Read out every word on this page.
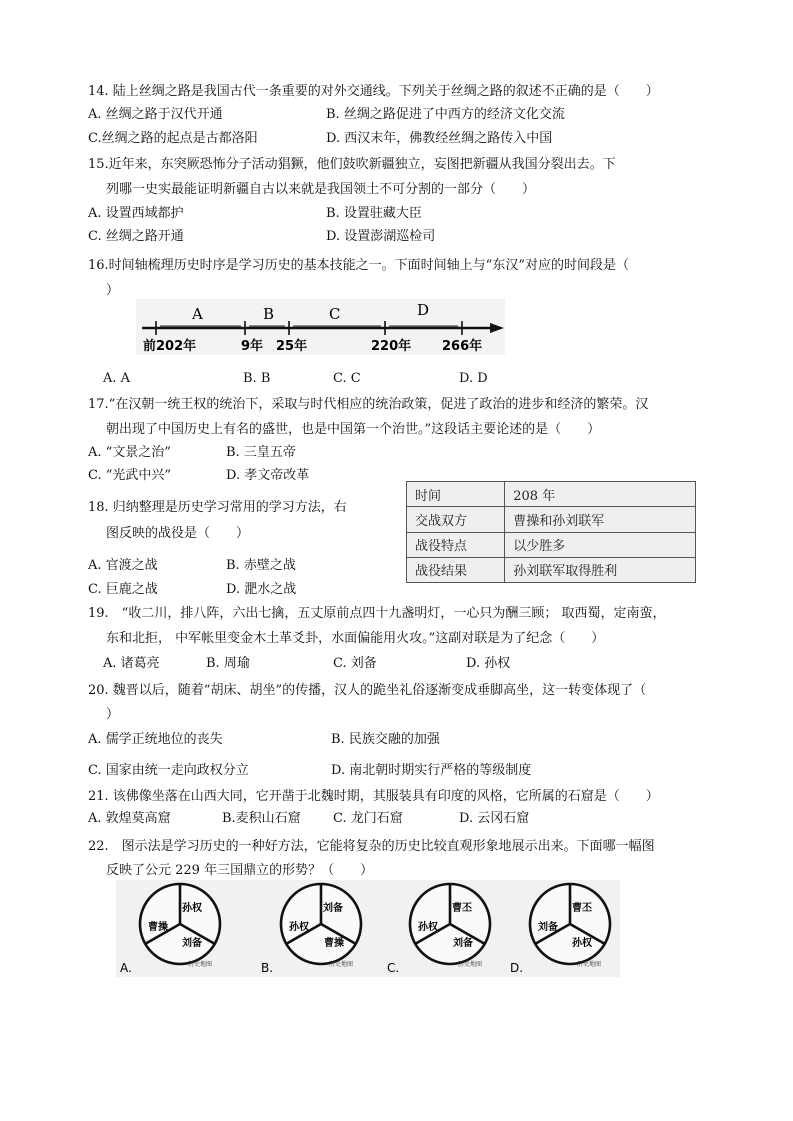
14. 陆上丝绸之路是我国古代一条重要的对外交通线。下列关于丝绸之路的叙述不正确的是（　　）
A. 丝绸之路于汉代开通	B. 丝绸之路促进了中西方的经济文化交流
C.丝绸之路的起点是古都洛阳	D. 西汉末年，佛教经丝绸之路传入中国
15.近年来，东突厥恐怖分子活动猖獗，他们鼓吹新疆独立，妄图把新疆从我国分裂出去。下
列哪一史实最能证明新疆自古以来就是我国领土不可分割的一部分（　　）
A. 设置西域都护	B. 设置驻藏大臣
C. 丝绸之路开通	D. 设置澎湖巡检司
16.时间轴梳理历史时序是学习历史的基本技能之一。下面时间轴上与“东汉”对应的时间段是（
）
A	B	C	D
前202年	9年 25年	220年 266年
A. A	B. B	C. C	D. D
17.“在汉朝一统王权的统治下，采取与时代相应的统治政策，促进了政治的进步和经济的繁荣。汉
朝出现了中国历史上有名的盛世，也是中国第一个治世。”这段话主要论述的是（　　）
A. “文景之治”	B. 三皇五帝
C. “光武中兴”	D. 孝文帝改革
18. 归纳整理是历史学习常用的学习方法，右
图反映的战役是（　　）
时间	208 年
交战双方	曹操和孙刘联军
战役特点	以少胜多
战役结果	孙刘联军取得胜利
A. 官渡之战	B. 赤壁之战
C. 巨鹿之战	D. 淝水之战
19.　“收二川，排八阵，六出七擒，五丈原前点四十九盏明灯，一心只为酬三顾； 取西蜀，定南蛮，
东和北拒， 中军帐里变金木土革爻卦，水面偏能用火攻。”这副对联是为了纪念（　　）
A. 诸葛亮	B. 周瑜	C. 刘备	D. 孙权
20. 魏晋以后，随着“胡床、胡坐”的传播，汉人的跪坐礼俗逐渐变成垂脚高坐，这一转变体现了（
）
A. 儒学正统地位的丧失	B. 民族交融的加强
C. 国家由统一走向政权分立	D. 南北朝时期实行严格的等级制度
21. 该佛像坐落在山西大同，它开凿于北魏时期，其服装具有印度的风格，它所属的石窟是（　　）
A. 敦煌莫高窟	B.麦积山石窟 C. 龙门石窟	D. 云冈石窟
22.　图示法是学习历史的一种好方法，它能将复杂的历史比较直观形象地展示出来。下面哪一幅图
反映了公元 229 年三国鼎立的形势？（　　）
孙权
曹操
刘备
A.	历史地图
刘备
孙权
曹操
B.	历史地图
曹丕
孙权
刘备
C.	历史地图
曹丕
刘备
孙权
D.	历史地图
